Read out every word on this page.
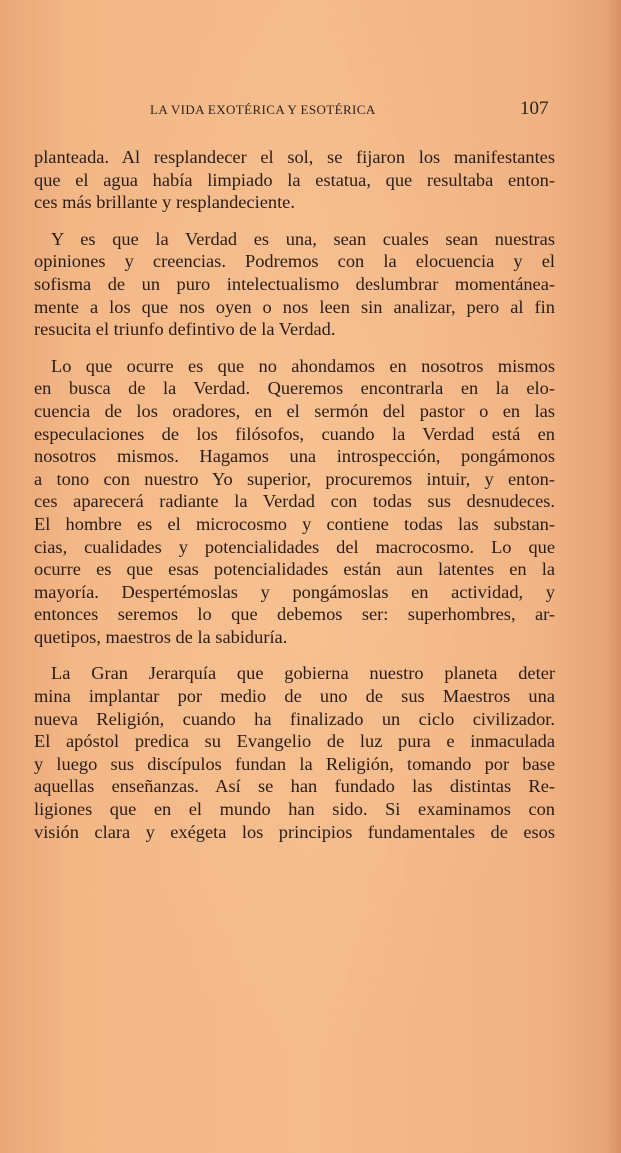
LA VIDA EXOTÉRICA Y ESOTÉRICA	107
planteada. Al resplandecer el sol, se fijaron los manifestantes
que el agua había limpiado la estatua, que resultaba enton-
ces más brillante y resplandeciente.
Y es que la Verdad es una, sean cuales sean nuestras
opiniones y creencias. Podremos con la elocuencia y el
sofisma de un puro intelectualismo deslumbrar momentánea-
mente a los que nos oyen o nos leen sin analizar, pero al fin
resucita el triunfo defintivo de la Verdad.
Lo que ocurre es que no ahondamos en nosotros mismos
en busca de la Verdad. Queremos encontrarla en la elo-
cuencia de los oradores, en el sermón del pastor o en las
especulaciones de los filósofos, cuando la Verdad está en
nosotros mismos. Hagamos una introspección, pongámonos
a tono con nuestro Yo superior, procuremos intuir, y enton-
ces aparecerá radiante la Verdad con todas sus desnudeces.
El hombre es el microcosmo y contiene todas las substan-
cias, cualidades y potencialidades del macrocosmo. Lo que
ocurre es que esas potencialidades están aun latentes en la
mayoría. Despertémoslas y pongámoslas en actividad, y
entonces seremos lo que debemos ser: superhombres, ar-
quetipos, maestros de la sabiduría.
La Gran Jerarquía que gobierna nuestro planeta deter
mina implantar por medio de uno de sus Maestros una
nueva Religión, cuando ha finalizado un ciclo civilizador.
El apóstol predica su Evangelio de luz pura e inmaculada
y luego sus discípulos fundan la Religión, tomando por base
aquellas enseñanzas. Así se han fundado las distintas Re-
ligiones que en el mundo han sido. Si examinamos con
visión clara y exégeta los principios fundamentales de esos
